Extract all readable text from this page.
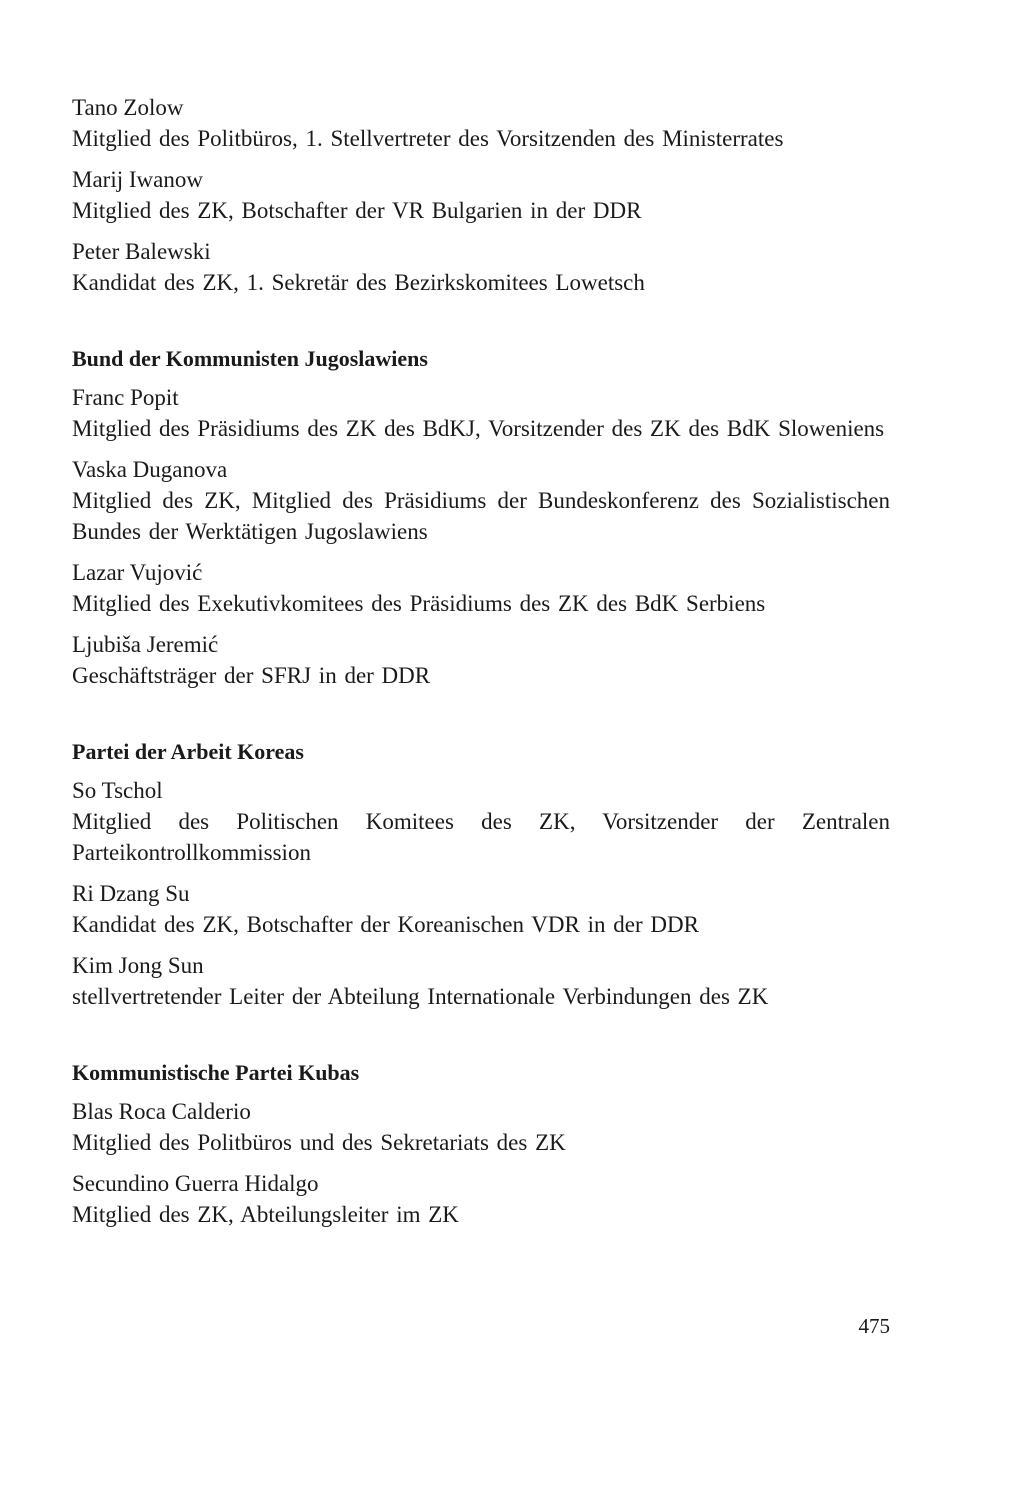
Tano Zolow
Mitglied des Politbüros, 1. Stellvertreter des Vorsitzenden des Ministerrates
Marij Iwanow
Mitglied des ZK, Botschafter der VR Bulgarien in der DDR
Peter Balewski
Kandidat des ZK, 1. Sekretär des Bezirkskomitees Lowetsch
Bund der Kommunisten Jugoslawiens
Franc Popit
Mitglied des Präsidiums des ZK des BdKJ, Vorsitzender des ZK des BdK Sloweniens
Vaska Duganova
Mitglied des ZK, Mitglied des Präsidiums der Bundeskonferenz des Sozialistischen Bundes der Werktätigen Jugoslawiens
Lazar Vujović
Mitglied des Exekutivkomitees des Präsidiums des ZK des BdK Serbiens
Ljubiša Jeremić
Geschäftsträger der SFRJ in der DDR
Partei der Arbeit Koreas
So Tschol
Mitglied des Politischen Komitees des ZK, Vorsitzender der Zentralen Parteikontrollkommission
Ri Dzang Su
Kandidat des ZK, Botschafter der Koreanischen VDR in der DDR
Kim Jong Sun
stellvertretender Leiter der Abteilung Internationale Verbindungen des ZK
Kommunistische Partei Kubas
Blas Roca Calderio
Mitglied des Politbüros und des Sekretariats des ZK
Secundino Guerra Hidalgo
Mitglied des ZK, Abteilungsleiter im ZK
475
